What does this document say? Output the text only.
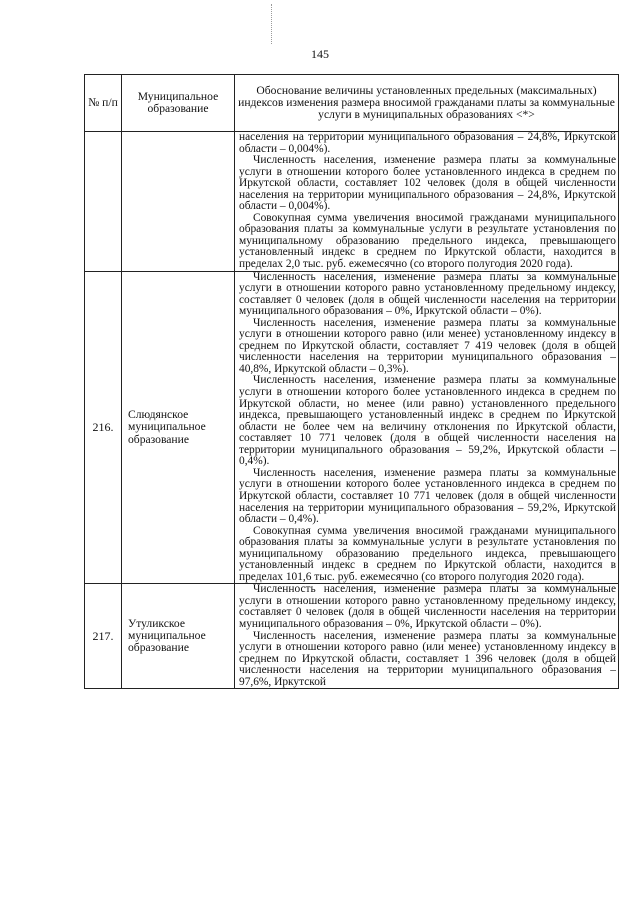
145
№ п/п	Муниципальное образование	Обоснование величины установленных предельных (максимальных) индексов изменения размера вносимой гражданами платы за коммунальные услуги в муниципальных образованиях <*>

		населения на территории муниципального образования – 24,8%, Иркутской области – 0,004%).

Численность населения, изменение размера платы за коммунальные услуги в отношении которого более установленного индекса в среднем по Иркутской области, составляет 102 человек (доля в общей численности населения на территории муниципального образования – 24,8%, Иркутской области – 0,004%).

Совокупная сумма увеличения вносимой гражданами муниципального образования платы за коммунальные услуги в результате установления по муниципальному образованию предельного индекса, превышающего установленный индекс в среднем по Иркутской области, находится в пределах 2,0 тыс. руб. ежемесячно (со второго полугодия 2020 года).

216.	Слюдянское муниципальное образование	Численность населения, изменение размера платы за коммунальные услуги в отношении которого равно установленному предельному индексу, составляет 0 человек (доля в общей численности населения на территории муниципального образования – 0%, Иркутской области – 0%).

Численность населения, изменение размера платы за коммунальные услуги в отношении которого равно (или менее) установленному индексу в среднем по Иркутской области, составляет 7 419 человек (доля в общей численности населения на территории муниципального образования – 40,8%, Иркутской области – 0,3%).

Численность населения, изменение размера платы за коммунальные услуги в отношении которого более установленного индекса в среднем по Иркутской области, но менее (или равно) установленного предельного индекса, превышающего установленный индекс в среднем по Иркутской области не более чем на величину отклонения по Иркутской области, составляет 10 771 человек (доля в общей численности населения на территории муниципального образования – 59,2%, Иркутской области – 0,4%).

Численность населения, изменение размера платы за коммунальные услуги в отношении которого более установленного индекса в среднем по Иркутской области, составляет 10 771 человек (доля в общей численности населения на территории муниципального образования – 59,2%, Иркутской области – 0,4%).

Совокупная сумма увеличения вносимой гражданами муниципального образования платы за коммунальные услуги в результате установления по муниципальному образованию предельного индекса, превышающего установленный индекс в среднем по Иркутской области, находится в пределах 101,6 тыс. руб. ежемесячно (со второго полугодия 2020 года).

217.	Утуликское муниципальное образование	Численность населения, изменение размера платы за коммунальные услуги в отношении которого равно установленному предельному индексу, составляет 0 человек (доля в общей численности населения на территории муниципального образования – 0%, Иркутской области – 0%).

Численность населения, изменение размера платы за коммунальные услуги в отношении которого равно (или менее) установленному индексу в среднем по Иркутской области, составляет 1 396 человек (доля в общей численности населения на территории муниципального образования – 97,6%, Иркутской
